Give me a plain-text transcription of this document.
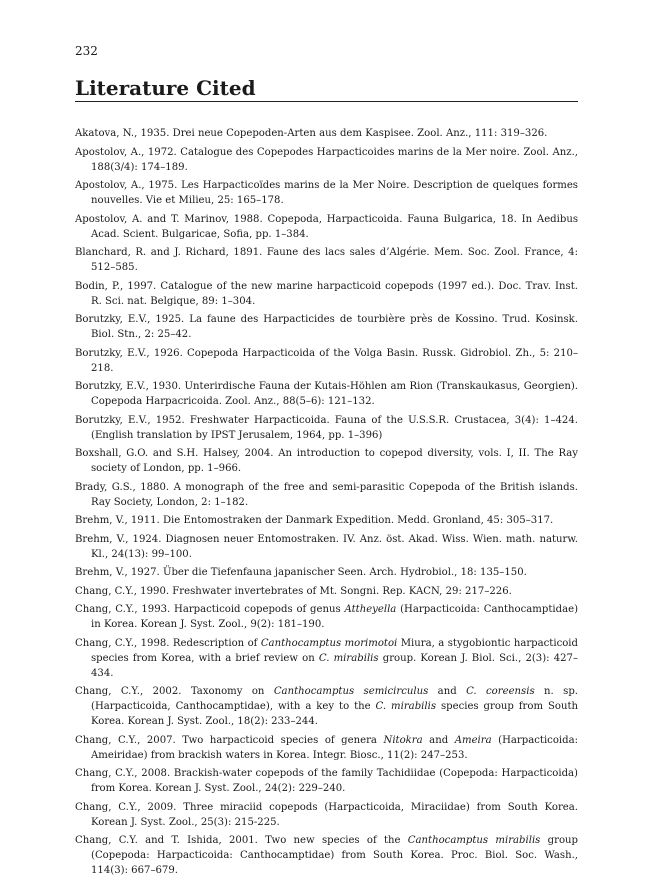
232
Literature Cited
Akatova, N., 1935. Drei neue Copepoden-Arten aus dem Kaspisee. Zool. Anz., 111: 319–326.
Apostolov, A., 1972. Catalogue des Copepodes Harpacticoides marins de la Mer noire. Zool. Anz., 188(3/4): 174–189.
Apostolov, A., 1975. Les Harpacticoïdes marins de la Mer Noire. Description de quelques formes nouvelles. Vie et Milieu, 25: 165–178.
Apostolov, A. and T. Marinov, 1988. Copepoda, Harpacticoida. Fauna Bulgarica, 18. In Aedibus Acad. Scient. Bulgaricae, Sofia, pp. 1–384.
Blanchard, R. and J. Richard, 1891. Faune des lacs sales d’Algérie. Mem. Soc. Zool. France, 4: 512–585.
Bodin, P., 1997. Catalogue of the new marine harpacticoid copepods (1997 ed.). Doc. Trav. Inst. R. Sci. nat. Belgique, 89: 1–304.
Borutzky, E.V., 1925. La faune des Harpacticides de tourbière près de Kossino. Trud. Kosinsk. Biol. Stn., 2: 25–42.
Borutzky, E.V., 1926. Copepoda Harpacticoida of the Volga Basin. Russk. Gidrobiol. Zh., 5: 210–218.
Borutzky, E.V., 1930. Unterirdische Fauna der Kutais-Höhlen am Rion (Transkaukasus, Georgien). Copepoda Harpacricoida. Zool. Anz., 88(5–6): 121–132.
Borutzky, E.V., 1952. Freshwater Harpacticoida. Fauna of the U.S.S.R. Crustacea, 3(4): 1–424. (English translation by IPST Jerusalem, 1964, pp. 1–396)
Boxshall, G.O. and S.H. Halsey, 2004. An introduction to copepod diversity, vols. I, II. The Ray society of London, pp. 1–966.
Brady, G.S., 1880. A monograph of the free and semi-parasitic Copepoda of the British islands. Ray Society, London, 2: 1–182.
Brehm, V., 1911. Die Entomostraken der Danmark Expedition. Medd. Gronland, 45: 305–317.
Brehm, V., 1924. Diagnosen neuer Entomostraken. IV. Anz. öst. Akad. Wiss. Wien. math. naturw. Kl., 24(13): 99–100.
Brehm, V., 1927. Über die Tiefenfauna japanischer Seen. Arch. Hydrobiol., 18: 135–150.
Chang, C.Y., 1990. Freshwater invertebrates of Mt. Songni. Rep. KACN, 29: 217–226.
Chang, C.Y., 1993. Harpacticoid copepods of genus Attheyella (Harpacticoida: Canthocamptidae) in Korea. Korean J. Syst. Zool., 9(2): 181–190.
Chang, C.Y., 1998. Redescription of Canthocamptus morimotoi Miura, a stygobiontic harpacticoid species from Korea, with a brief review on C. mirabilis group. Korean J. Biol. Sci., 2(3): 427–434.
Chang, C.Y., 2002. Taxonomy on Canthocamptus semicirculus and C. coreensis n. sp. (Harpacticoida, Canthocamptidae), with a key to the C. mirabilis species group from South Korea. Korean J. Syst. Zool., 18(2): 233–244.
Chang, C.Y., 2007. Two harpacticoid species of genera Nitokra and Ameira (Harpacticoida: Ameiridae) from brackish waters in Korea. Integr. Biosc., 11(2): 247–253.
Chang, C.Y., 2008. Brackish-water copepods of the family Tachidiidae (Copepoda: Harpacticoida) from Korea. Korean J. Syst. Zool., 24(2): 229–240.
Chang, C.Y., 2009. Three miraciid copepods (Harpacticoida, Miraciidae) from South Korea. Korean J. Syst. Zool., 25(3): 215-225.
Chang, C.Y. and T. Ishida, 2001. Two new species of the Canthocamptus mirabilis group (Copepoda: Harpacticoida: Canthocamptidae) from South Korea. Proc. Biol. Soc. Wash., 114(3): 667–679.
